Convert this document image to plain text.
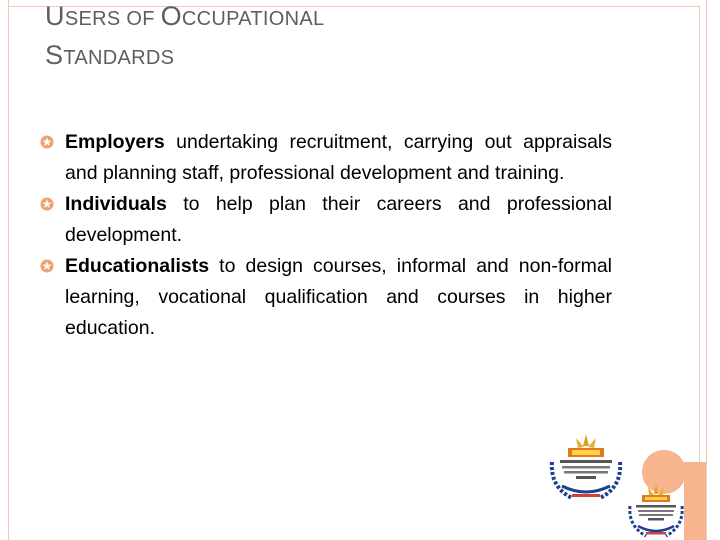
USERS OF OCCUPATIONAL
STANDARDS
Employers undertaking recruitment, carrying out appraisals and planning staff, professional development and training.
Individuals to help plan their careers and professional development.
Educationalists to design courses, informal and non-formal learning, vocational qualification and courses in higher education.
